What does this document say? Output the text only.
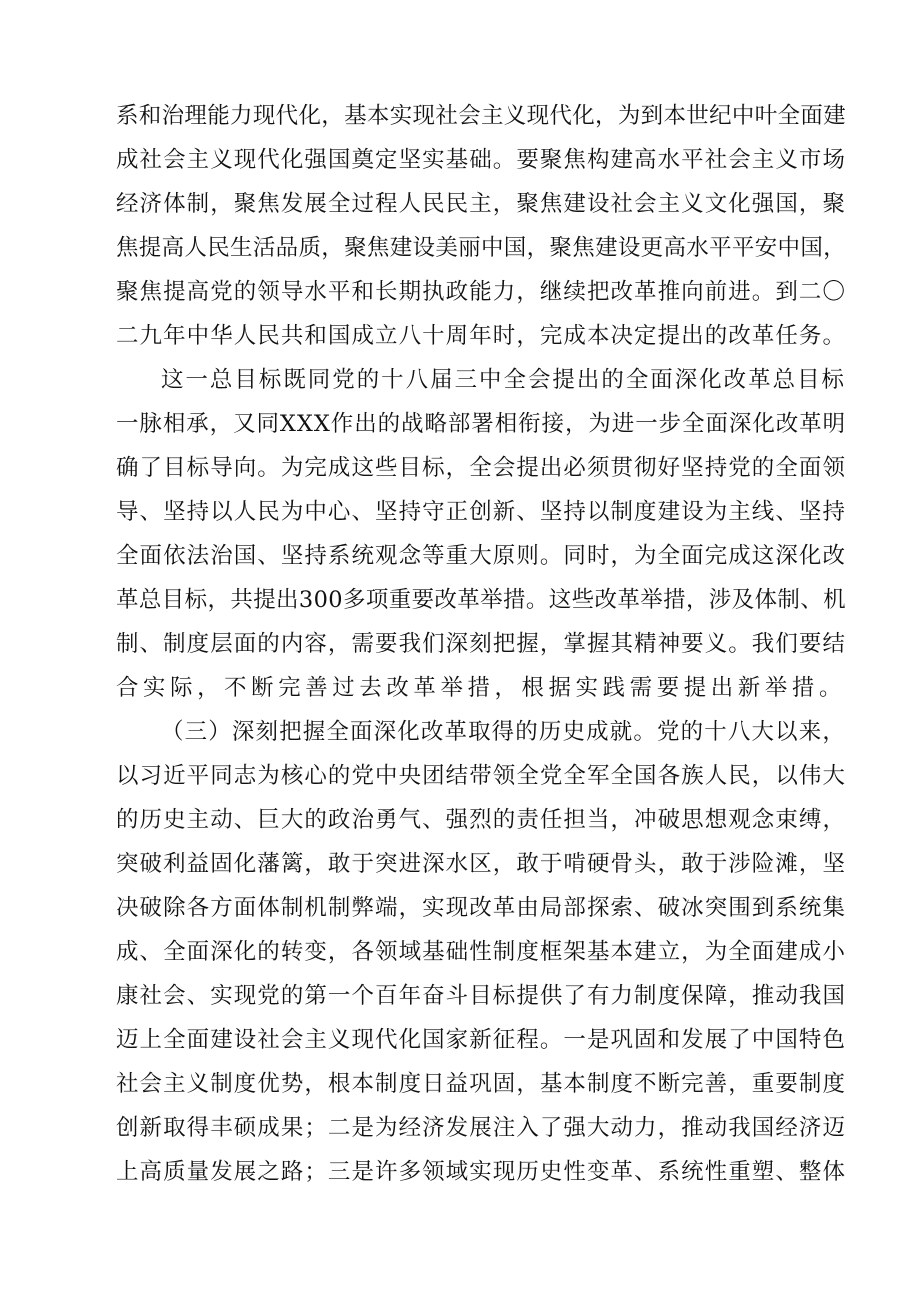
系和治理能力现代化，基本实现社会主义现代化，为到本世纪中叶全面建
成社会主义现代化强国奠定坚实基础。要聚焦构建高水平社会主义市场
经济体制，聚焦发展全过程人民民主，聚焦建设社会主义文化强国，聚
焦提高人民生活品质，聚焦建设美丽中国，聚焦建设更高水平平安中国，
聚焦提高党的领导水平和长期执政能力，继续把改革推向前进。到二〇
二九年中华人民共和国成立八十周年时，完成本决定提出的改革任务。
这一总目标既同党的十八届三中全会提出的全面深化改革总目标
一脉相承，又同XXX作出的战略部署相衔接，为进一步全面深化改革明
确了目标导向。为完成这些目标，全会提出必须贯彻好坚持党的全面领
导、坚持以人民为中心、坚持守正创新、坚持以制度建设为主线、坚持
全面依法治国、坚持系统观念等重大原则。同时，为全面完成这深化改
革总目标，共提出300多项重要改革举措。这些改革举措，涉及体制、机
制、制度层面的内容，需要我们深刻把握，掌握其精神要义。我们要结
合实际，不断完善过去改革举措，根据实践需要提出新举措。
（三）深刻把握全面深化改革取得的历史成就。党的十八大以来，
以习近平同志为核心的党中央团结带领全党全军全国各族人民，以伟大
的历史主动、巨大的政治勇气、强烈的责任担当，冲破思想观念束缚，
突破利益固化藩篱，敢于突进深水区，敢于啃硬骨头，敢于涉险滩，坚
决破除各方面体制机制弊端，实现改革由局部探索、破冰突围到系统集
成、全面深化的转变，各领域基础性制度框架基本建立，为全面建成小
康社会、实现党的第一个百年奋斗目标提供了有力制度保障，推动我国
迈上全面建设社会主义现代化国家新征程。一是巩固和发展了中国特色
社会主义制度优势，根本制度日益巩固，基本制度不断完善，重要制度
创新取得丰硕成果；二是为经济发展注入了强大动力，推动我国经济迈
上高质量发展之路；三是许多领域实现历史性变革、系统性重塑、整体
